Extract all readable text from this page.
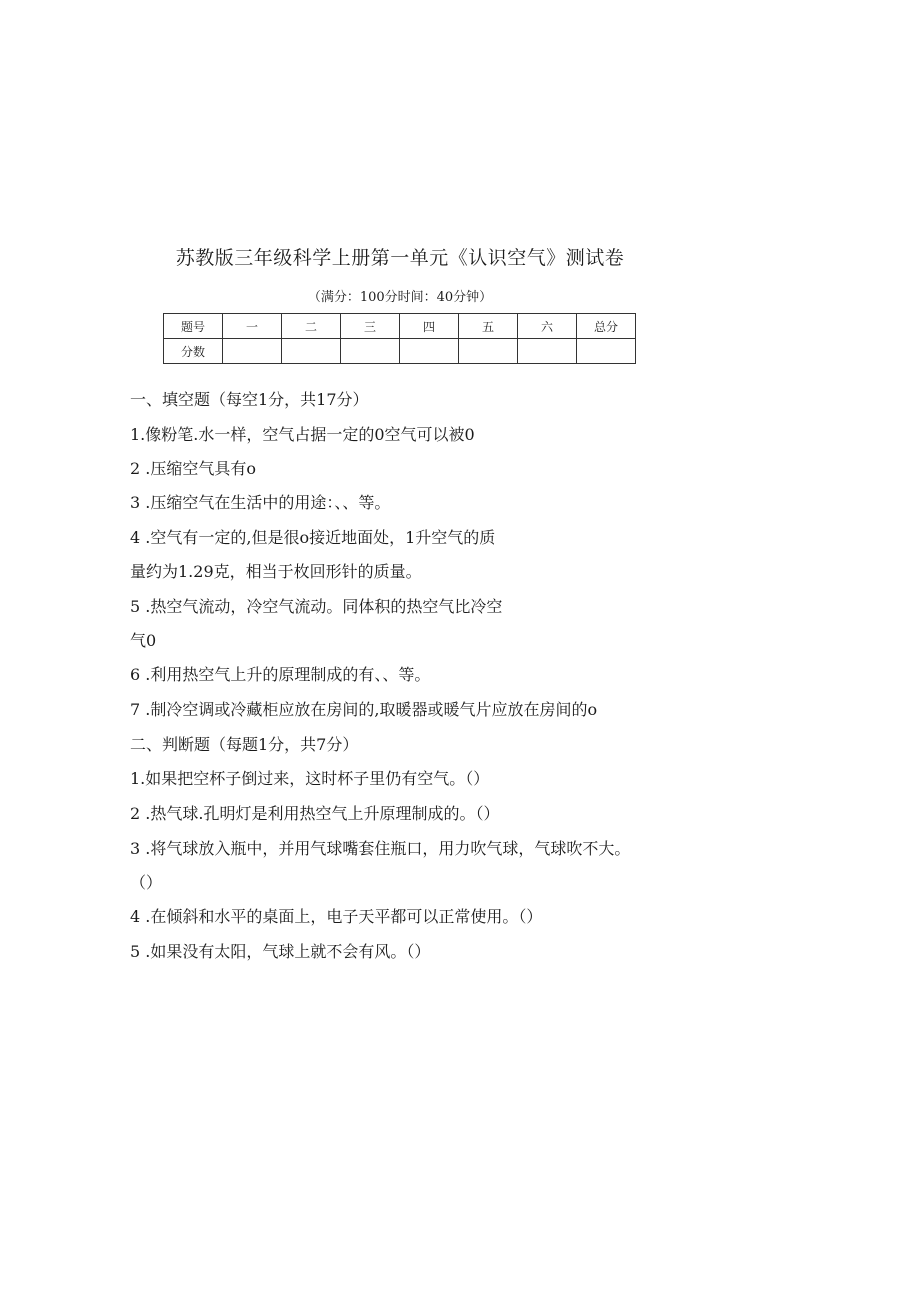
苏教版三年级科学上册第一单元《认识空气》测试卷
（满分：100分时间：40分钟）
题号	一	二	三	四	五	六	总分
分数							
一、填空题（每空1分，共17分）
1.像粉笔.水一样，空气占据一定的0空气可以被0
2 .压缩空气具有o
3 .压缩空气在生活中的用途：、、等。
4 .空气有一定的,但是很o接近地面处，1升空气的质
量约为1.29克，相当于枚回形针的质量。
5 .热空气流动，冷空气流动。同体积的热空气比冷空
气0
6 .利用热空气上升的原理制成的有、、等。
7 .制冷空调或冷藏柜应放在房间的,取暖器或暖气片应放在房间的o
二、判断题（每题1分，共7分）
1.如果把空杯子倒过来，这时杯子里仍有空气。（）
2 .热气球.孔明灯是利用热空气上升原理制成的。（）
3 .将气球放入瓶中，并用气球嘴套住瓶口，用力吹气球，气球吹不大。
（）
4 .在倾斜和水平的桌面上，电子天平都可以正常使用。（）
5 .如果没有太阳，气球上就不会有风。（）
